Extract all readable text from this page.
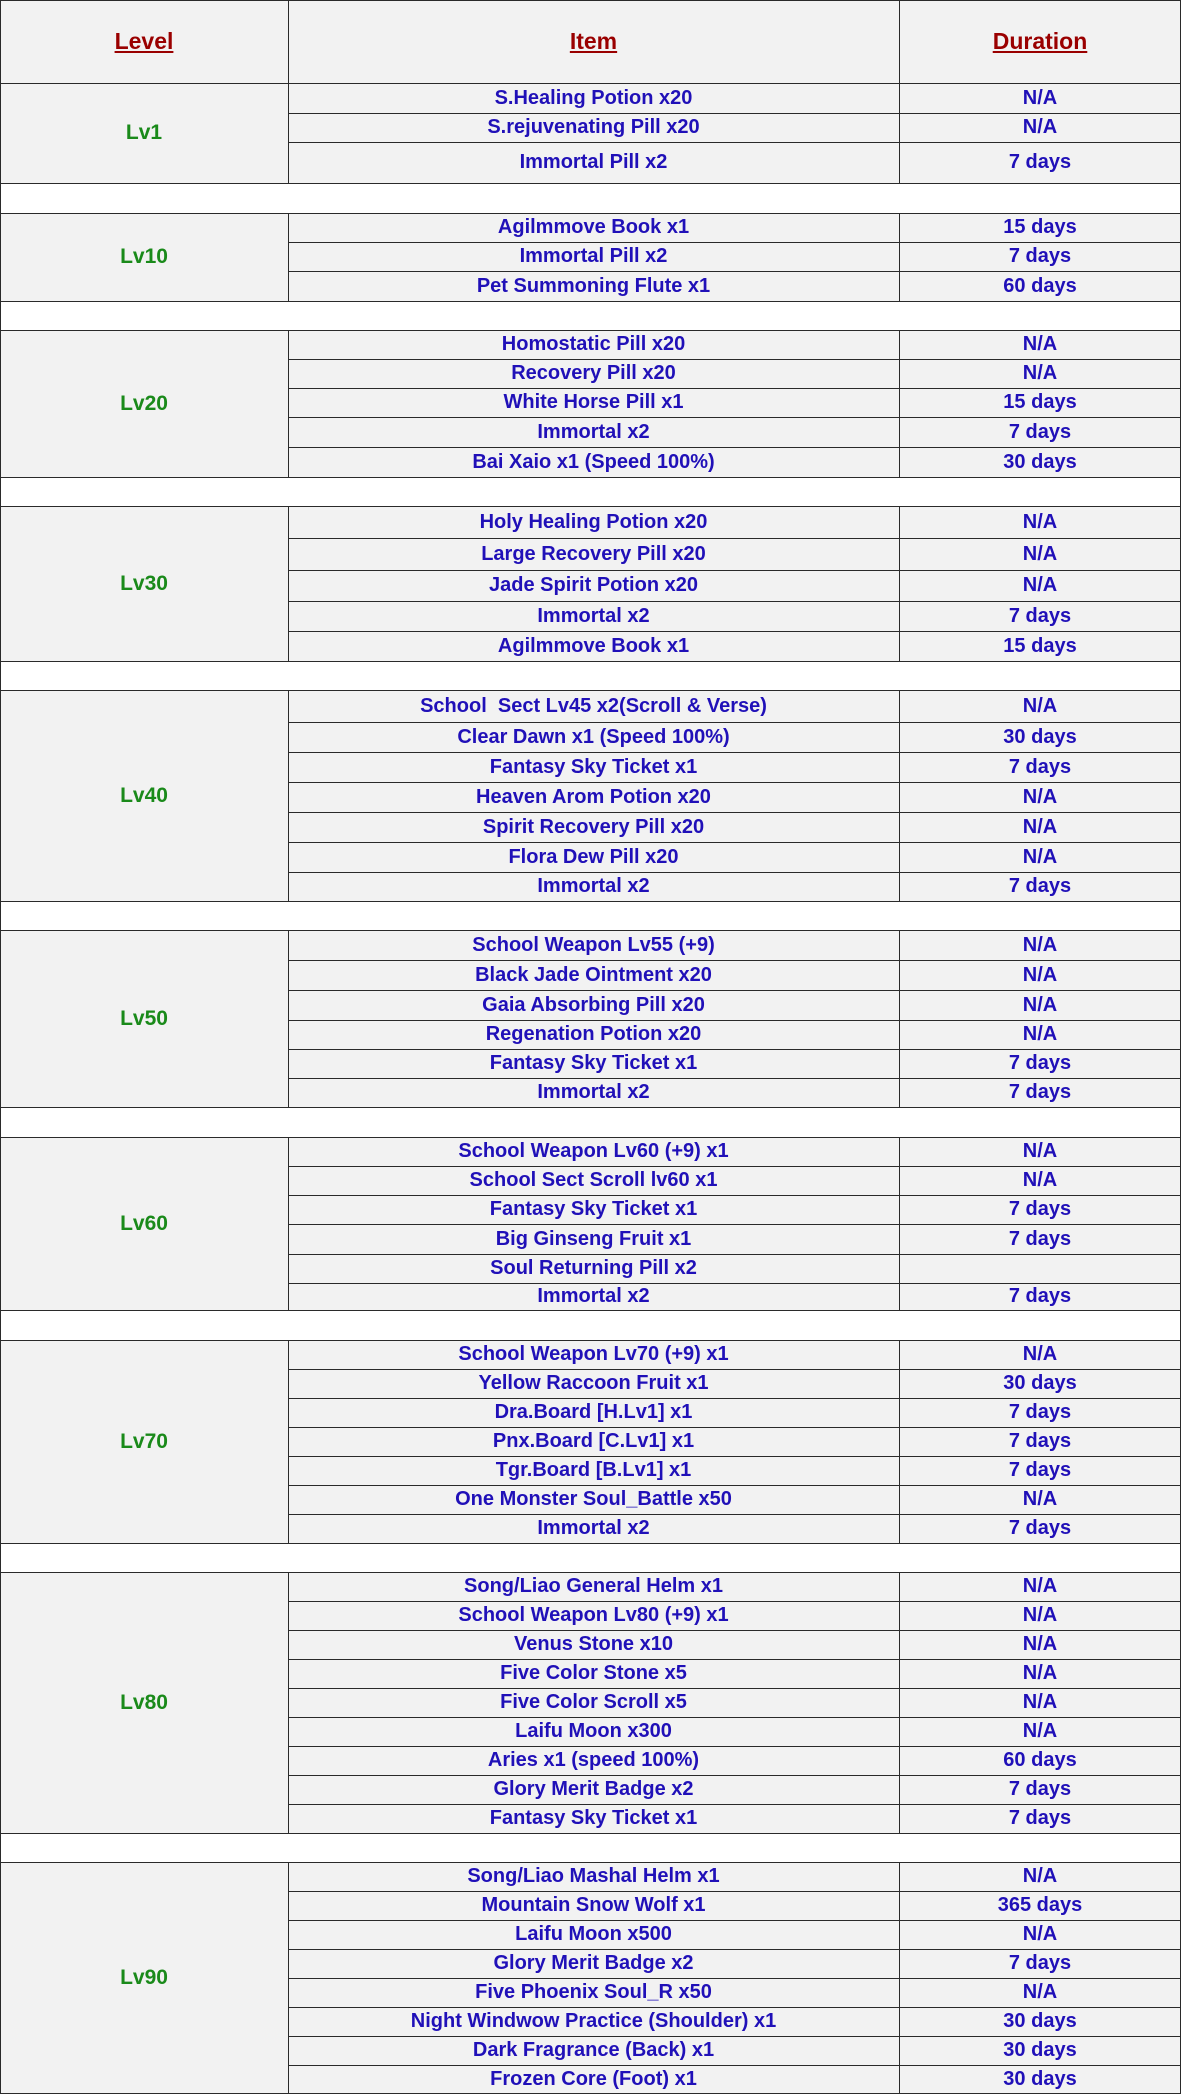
Level	Item	Duration
Lv1
S.Healing Potion x20	N/A
S.rejuvenating Pill x20	N/A
Immortal Pill x2	7 days
Lv10
Agilmmove Book x1	15 days
Immortal Pill x2	7 days
Pet Summoning Flute x1	60 days
Lv20
Homostatic Pill x20	N/A
Recovery Pill x20	N/A
White Horse Pill x1	15 days
Immortal x2	7 days
Bai Xaio x1 (Speed 100%)	30 days
Lv30
Holy Healing Potion x20	N/A
Large Recovery Pill x20	N/A
Jade Spirit Potion x20	N/A
Immortal x2	7 days
Agilmmove Book x1	15 days
Lv40
School  Sect Lv45 x2(Scroll & Verse)	N/A
Clear Dawn x1 (Speed 100%)	30 days
Fantasy Sky Ticket x1	7 days
Heaven Arom Potion x20	N/A
Spirit Recovery Pill x20	N/A
Flora Dew Pill x20	N/A
Immortal x2	7 days
Lv50
School Weapon Lv55 (+9)	N/A
Black Jade Ointment x20	N/A
Gaia Absorbing Pill x20	N/A
Regenation Potion x20	N/A
Fantasy Sky Ticket x1	7 days
Immortal x2	7 days
Lv60
School Weapon Lv60 (+9) x1	N/A
School Sect Scroll lv60 x1	N/A
Fantasy Sky Ticket x1	7 days
Big Ginseng Fruit x1	7 days
Soul Returning Pill x2
Immortal x2	7 days
Lv70
School Weapon Lv70 (+9) x1	N/A
Yellow Raccoon Fruit x1	30 days
Dra.Board [H.Lv1] x1	7 days
Pnx.Board [C.Lv1] x1	7 days
Tgr.Board [B.Lv1] x1	7 days
One Monster Soul_Battle x50	N/A
Immortal x2	7 days
Lv80
Song/Liao General Helm x1	N/A
School Weapon Lv80 (+9) x1	N/A
Venus Stone x10	N/A
Five Color Stone x5	N/A
Five Color Scroll x5	N/A
Laifu Moon x300	N/A
Aries x1 (speed 100%)	60 days
Glory Merit Badge x2	7 days
Fantasy Sky Ticket x1	7 days
Lv90
Song/Liao Mashal Helm x1	N/A
Mountain Snow Wolf x1	365 days
Laifu Moon x500	N/A
Glory Merit Badge x2	7 days
Five Phoenix Soul_R x50	N/A
Night Windwow Practice (Shoulder) x1	30 days
Dark Fragrance (Back) x1	30 days
Frozen Core (Foot) x1	30 days
